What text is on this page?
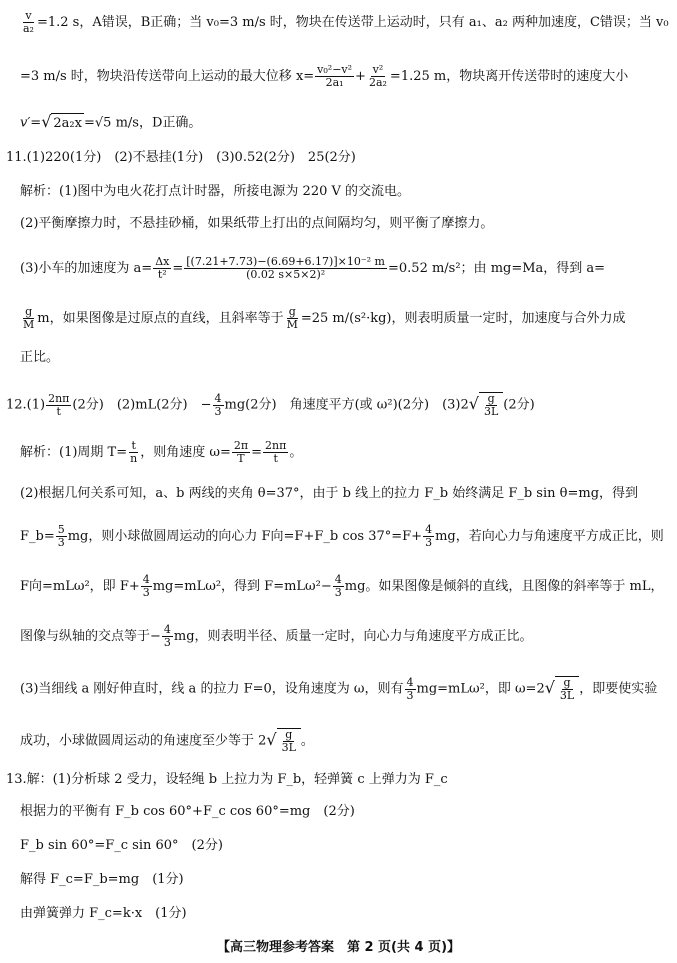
$\frac{v}{\text{a₂}} =1.2$ s，A错误，B正确；当 v₀=3 m/s 时，物块在传送带上运动时，只有 a₁、a₂ 两种加速度，C错误；当 v₀
=3 m/s 时，物块沿传送带向上运动的最大位移 $x= \frac{\text{v₀²−v²}}{\text{2a₁}} + \frac{\text{v²}}{\text{2a₂}} =1.25$ m，物块离开传送带时的速度大小
v′=√ 2a₂x =√5 m/s，D正确。
11.(1)220(1分)　(2)不悬挂(1分)　(3)0.52(2分)　25(2分)
解析：(1)图中为电火花打点计时器，所接电源为 220 V 的交流电。
(2)平衡摩擦力时，不悬挂砂桶，如果纸带上打出的点间隔均匀，则平衡了摩擦力。
(3)小车的加速度为 $a= \frac{\Delta x}{\text{t²}} = \frac{\text{[(7.21+7.73)−(6.69+6.17)]×10⁻² m}}{\text{(0.02 s×5×2)²}} =0.52$ m/s²；由 mg=Ma，得到 a=
$\frac{g}{M}$ m，如果图像是过原点的直线，且斜率等于 $\frac{g}{M} =25$ m/(s²·kg)，则表明质量一定时，加速度与合外力成
正比。
$12.(1) \frac{2n\pi}{t} (2$分)　(2)mL(2分)　− $\frac{4}{3} mg(2$分)　角速度平方(或 ω²)(2分)　$(3)2√ \frac{g}{3L} (2$分)
解析：(1)周期 $T= \frac{t}{n}$ ，则角速度 $\omega= \frac{2\pi}{T} = \frac{2n\pi}{t}$ 。
(2)根据几何关系可知，a、b 两线的夹角 θ=37°，由于 b 线上的拉力 F_b 始终满足 F_b sin θ=mg，得到
F_b= $\frac{5}{3}$ mg，则小球做圆周运动的向心力 F向=F+F_b $\cos 37^\circ=F+ \frac{4}{3}$ mg，若向心力与角速度平方成正比，则
F向=mLω²，即 $F+ \frac{4}{3} mg=mL\omega^2$，得到 $F=mL\omega^2- \frac{4}{3}$ mg。如果图像是倾斜的直线，且图像的斜率等于 mL，
图像与纵轴的交点等于− $\frac{4}{3}$ mg，则表明半径、质量一定时，向心力与角速度平方成正比。
(3)当细线 a 刚好伸直时，线 a 的拉力 F=0，设角速度为 ω，则有 $\frac{4}{3} mg=mL\omega^2$，即 $\omega=2√ \frac{g}{3L}$ ，即要使实验
成功，小球做圆周运动的角速度至少等于 $2√ \frac{g}{3L}$ 。
13.解：(1)分析球 2 受力，设轻绳 b 上拉力为 F_b，轻弹簧 c 上弹力为 F_c
根据力的平衡有 F_b cos 60°+F_c cos 60°=mg　(2分)
F_b sin 60°=F_c sin 60°　(2分)
解得 F_c=F_b=mg　(1分)
由弹簧弹力 F_c=k·x　(1分)
【高三物理参考答案　第 2 页(共 4 页)】
